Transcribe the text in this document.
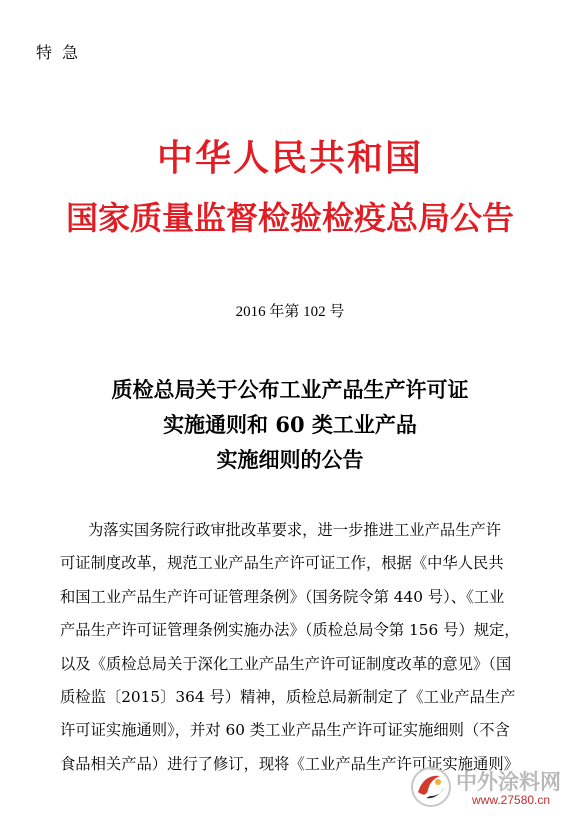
特急
中华人民共和国
国家质量监督检验检疫总局公告
2016 年第 102 号
质检总局关于公布工业产品生产许可证
实施通则和 60 类工业产品
实施细则的公告
为落实国务院行政审批改革要求，进一步推进工业产品生产许
可证制度改革，规范工业产品生产许可证工作，根据《中华人民共
和国工业产品生产许可证管理条例》（国务院令第 440 号）、《工业
产品生产许可证管理条例实施办法》（质检总局令第 156 号）规定，
以及《质检总局关于深化工业产品生产许可证制度改革的意见》（国
质检监〔2015〕364 号）精神，质检总局新制定了《工业产品生产
许可证实施通则》，并对 60 类工业产品生产许可证实施细则（不含
食品相关产品）进行了修订，现将《工业产品生产许可证实施通则》
中外涂料网
www.27580.cn
